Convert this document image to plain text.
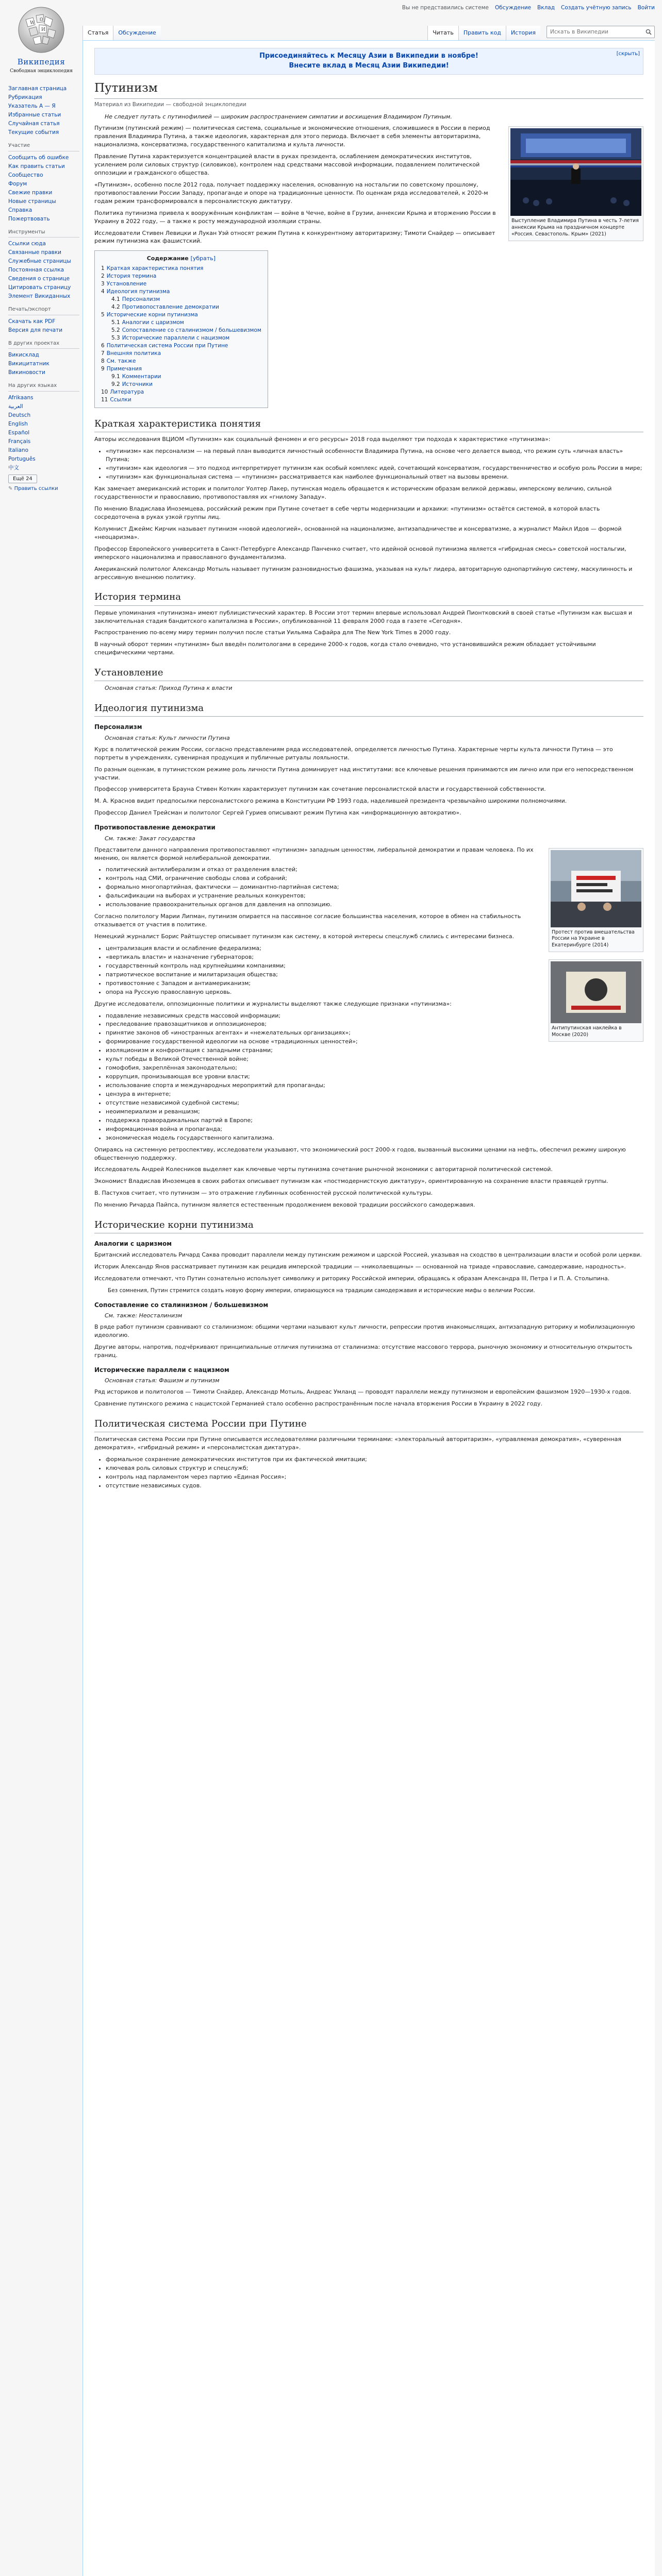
Вы не представились системе Обсуждение Вклад Создать учётную запись Войти
W
Ω
И
Википедия
Свободная энциклопедия
Заглавная страница
Рубрикация
Указатель А — Я
Избранные статьи
Случайная статья
Текущие события
Участие
Сообщить об ошибке
Как править статьи
Сообщество
Форум
Свежие правки
Новые страницы
Справка
Пожертвовать
Инструменты
Ссылки сюда
Связанные правки
Служебные страницы
Постоянная ссылка
Сведения о странице
Цитировать страницу
Элемент Викиданных
Печать/экспорт
Скачать как PDF
Версия для печати
В других проектах
Викисклад
Викицитатник
Викиновости
На других языках
Afrikaans
العربية
Deutsch
English
Español
Français
Italiano
Português
中文
Ещё 24
✎ Править ссылки
Статья	Обсуждение	Читать	Править код	История
Искать в Википедии
[скрыть]
Присоединяйтесь к Месяцу Азии в Википедии в ноябре!
Внесите вклад в Месяц Азии Википедии!
Путинизм
Материал из Википедии — свободной энциклопедии
Не следует путать с путинофилией — широким распространением симпатии и восхищения Владимиром Путиным.
Выступление Владимира Путина в честь 7-летия аннексии Крыма на праздничном концерте «Россия. Севастополь. Крым» (2021)

Путинизм (путинский режим) — политическая система, социальные и экономические отношения, сложившиеся в России в период правления Владимира Путина, а также идеология, характерная для этого периода. Включает в себя элементы авторитаризма, национализма, консерватизма, государственного капитализма и культа личности.

Правление Путина характеризуется концентрацией власти в руках президента, ослаблением демократических институтов, усилением роли силовых структур (силовиков), контролем над средствами массовой информации, подавлением политической оппозиции и гражданского общества.

«Путинизм», особенно после 2012 года, получает поддержку населения, основанную на ностальгии по советскому прошлому, противопоставлении России Западу, пропаганде и опоре на традиционные ценности. По оценкам ряда исследователей, к 2020-м годам режим трансформировался в персоналистскую диктатуру.

Политика путинизма привела к вооружённым конфликтам — войне в Чечне, войне в Грузии, аннексии Крыма и вторжению России в Украину в 2022 году, — а также к росту международной изоляции страны.

Исследователи Стивен Левицки и Лукан Уэй относят режим Путина к конкурентному авторитаризму; Тимоти Снайдер — описывает режим путинизма как фашистский.

Содержание [убрать]
1 Краткая характеристика понятия
2 История термина
3 Установление
4 Идеология путинизма
4.1 Персонализм
4.2 Противопоставление демократии
5 Исторические корни путинизма
5.1 Аналогии с царизмом
5.2 Сопоставление со сталинизмом / большевизмом
5.3 Исторические параллели с нацизмом
6 Политическая система России при Путине
7 Внешняя политика
8 См. также
9 Примечания
9.1 Комментарии
9.2 Источники
10 Литература
11 Ссылки
Краткая характеристика понятия

Авторы исследования ВЦИОМ «Путинизм» как социальный феномен и его ресурсы» 2018 года выделяют три подхода к характеристике «путинизма»:

• «путинизм» как персонализм — на первый план выводится личностный особенности Владимира Путина, на основе чего делается вывод, что режим суть «личная власть» Путина;
• «путинизм» как идеология — это подход интерпретирует путинизм как особый комплекс идей, сочетающий консерватизм, государственничество и особую роль России в мире;
• «путинизм» как функциональная система — «путинизм» рассматривается как наиболее функциональный ответ на вызовы времени.

Как замечает американский историк и политолог Уолтер Лакер, путинская модель обращается к историческим образам великой державы, имперскому величию, сильной государственности и православию, противопоставляя их «гнилому Западу».

По мнению Владислава Иноземцева, российский режим при Путине сочетает в себе черты модернизации и архаики: «путинизм» остаётся системой, в которой власть сосредоточена в руках узкой группы лиц.

Колумнист Джеймс Кирчик называет путинизм «новой идеологией», основанной на национализме, антизападничестве и консерватизме, а журналист Майкл Идов — формой «неоцаризма».

Профессор Европейского университета в Санкт-Петербурге Александр Панченко считает, что идейной основой путинизма является «гибридная смесь» советской ностальгии, имперского национализма и православного фундаментализма.

Американский политолог Александр Мотыль называет путинизм разновидностью фашизма, указывая на культ лидера, авторитарную однопартийную систему, маскулинность и агрессивную внешнюю политику.

История термина

Первые упоминания «путинизма» имеют публицистический характер. В России этот термин впервые использовал Андрей Пионтковский в своей статье «Путинизм как высшая и заключительная стадия бандитского капитализма в России», опубликованной 11 февраля 2000 года в газете «Сегодня».

Распространению по-всему миру термин получил после статьи Уильяма Сафайра для The New York Times в 2000 году.

В научный оборот термин «путинизм» был введён политологами в середине 2000-х годов, когда стало очевидно, что установившийся режим обладает устойчивыми специфическими чертами.

Установление
Основная статья: Приход Путина к власти
Идеология путинизма
Персонализм
Основная статья: Культ личности Путина

Курс в политической режим России, согласно представлениям ряда исследователей, определяется личностью Путина. Характерные черты культа личности Путина — это портреты в учреждениях, сувенирная продукция и публичные ритуалы лояльности.

По разным оценкам, в путинистском режиме роль личности Путина доминирует над институтами: все ключевые решения принимаются им лично или при его непосредственном участии.

Профессор университета Брауна Стивен Коткин характеризует путинизм как сочетание персоналистской власти и государственной собственности.

М. А. Краснов видит предпосылки персоналистского режима в Конституции РФ 1993 года, наделившей президента чрезвычайно широкими полномочиями.

Профессор Даниел Трейсман и политолог Сергей Гуриев описывают режим Путина как «информационную автократию».

Противопоставление демократии
См. также: Закат государства
Протест против вмешательства России на Украине в Екатеринбурге (2014)

Представители данного направления противопоставляют «путинизм» западным ценностям, либеральной демократии и правам человека. По их мнению, он является формой нелиберальной демократии.

• политический антилиберализм и отказ от разделения властей;
• контроль над СМИ, ограничение свободы слова и собраний;
• формально многопартийная, фактически — доминантно-партийная система;
• фальсификации на выборах и устранение реальных конкурентов;
• использование правоохранительных органов для давления на оппозицию.

Согласно политологу Марии Липман, путинизм опирается на пассивное согласие большинства населения, которое в обмен на стабильность отказывается от участия в политике.

Немецкий журналист Борис Райтшустер описывает путинизм как систему, в которой интересы спецслужб слились с интересами бизнеса.

Антипутинская наклейка в Москве (2020)
• централизация власти и ослабление федерализма;
• «вертикаль власти» и назначение губернаторов;
• государственный контроль над крупнейшими компаниями;
• патриотическое воспитание и милитаризация общества;
• противостояние с Западом и антиамериканизм;
• опора на Русскую православную церковь.

Другие исследователи, оппозиционные политики и журналисты выделяют также следующие признаки «путинизма»:

• подавление независимых средств массовой информации;
• преследование правозащитников и оппозиционеров;
• принятие законов об «иностранных агентах» и «нежелательных организациях»;
• формирование государственной идеологии на основе «традиционных ценностей»;
• изоляционизм и конфронтация с западными странами;
• культ победы в Великой Отечественной войне;
• гомофобия, закреплённая законодательно;
• коррупция, пронизывающая все уровни власти;
• использование спорта и международных мероприятий для пропаганды;
• цензура в интернете;
• отсутствие независимой судебной системы;
• неоимпериализм и реваншизм;
• поддержка праворадикальных партий в Европе;
• информационная война и пропаганда;
• экономическая модель государственного капитализма.

Опираясь на системную ретроспективу, исследователи указывают, что экономический рост 2000-х годов, вызванный высокими ценами на нефть, обеспечил режиму широкую общественную поддержку.

Исследователь Андрей Колесников выделяет как ключевые черты путинизма сочетание рыночной экономики с авторитарной политической системой.

Экономист Владислав Иноземцев в своих работах описывает путинизм как «постмодернистскую диктатуру», ориентированную на сохранение власти правящей группы.

В. Пастухов считает, что путинизм — это отражение глубинных особенностей русской политической культуры.

По мнению Ричарда Пайпса, путинизм является естественным продолжением вековой традиции российского самодержавия.

Исторические корни путинизма
Аналогии с царизмом

Британский исследователь Ричард Саква проводит параллели между путинским режимом и царской Россией, указывая на сходство в централизации власти и особой роли церкви.

Историк Александр Янов рассматривает путинизм как рецидив имперской традиции — «николаевщины» — основанной на триаде «православие, самодержавие, народность».

Исследователи отмечают, что Путин сознательно использует символику и риторику Российской империи, обращаясь к образам Александра III, Петра I и П. А. Столыпина.

Без сомнения, Путин стремится создать новую форму империи, опирающуюся на традиции самодержавия и исторические мифы о величии России.
Сопоставление со сталинизмом / большевизмом
См. также: Неосталинизм

В ряде работ путинизм сравнивают со сталинизмом: общими чертами называют культ личности, репрессии против инакомыслящих, антизападную риторику и мобилизационную идеологию.

Другие авторы, напротив, подчёркивают принципиальные отличия путинизма от сталинизма: отсутствие массового террора, рыночную экономику и относительную открытость границ.

Исторические параллели с нацизмом
Основная статья: Фашизм и путинизм

Ряд историков и политологов — Тимоти Снайдер, Александр Мотыль, Андреас Умланд — проводят параллели между путинизмом и европейским фашизмом 1920—1930-х годов.

Сравнение путинского режима с нацистской Германией стало особенно распространённым после начала вторжения России в Украину в 2022 году.

Политическая система России при Путине

Политическая система России при Путине описывается исследователями различными терминами: «электоральный авторитаризм», «управляемая демократия», «суверенная демократия», «гибридный режим» и «персоналистская диктатура».

• формальное сохранение демократических институтов при их фактической имитации;
• ключевая роль силовых структур и спецслужб;
• контроль над парламентом через партию «Единая Россия»;
• отсутствие независимых судов.
